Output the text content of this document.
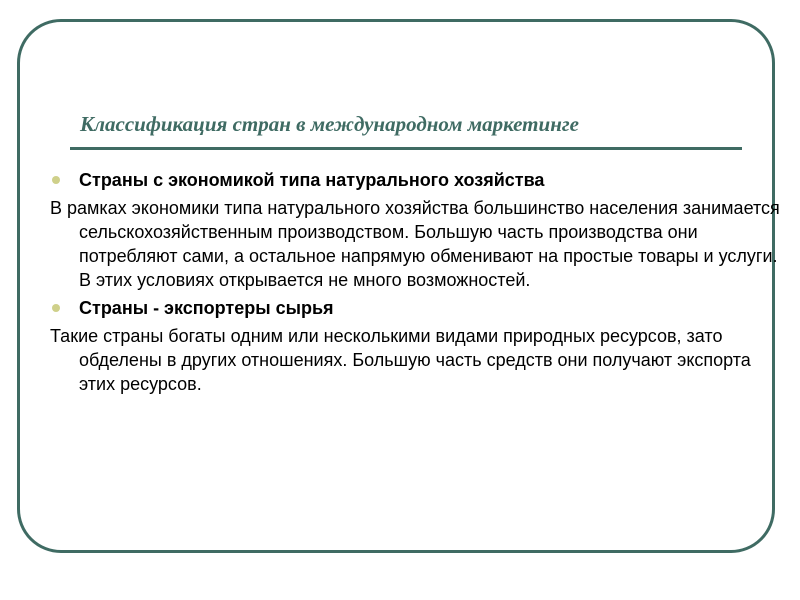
Классификация стран в международном маркетинге
Страны с экономикой типа натурального хозяйства
В рамках экономики типа натурального хозяйства большинство населения занимается сельскохозяйственным производством. Большую часть производства они потребляют сами, а остальное напрямую обменивают на простые товары и услуги. В этих условиях открывается не много возможностей.
Страны - экспортеры сырья
Такие страны богаты одним или несколькими видами природных ресурсов, зато обделены в других отношениях. Большую часть средств они получают экспорта этих ресурсов.
